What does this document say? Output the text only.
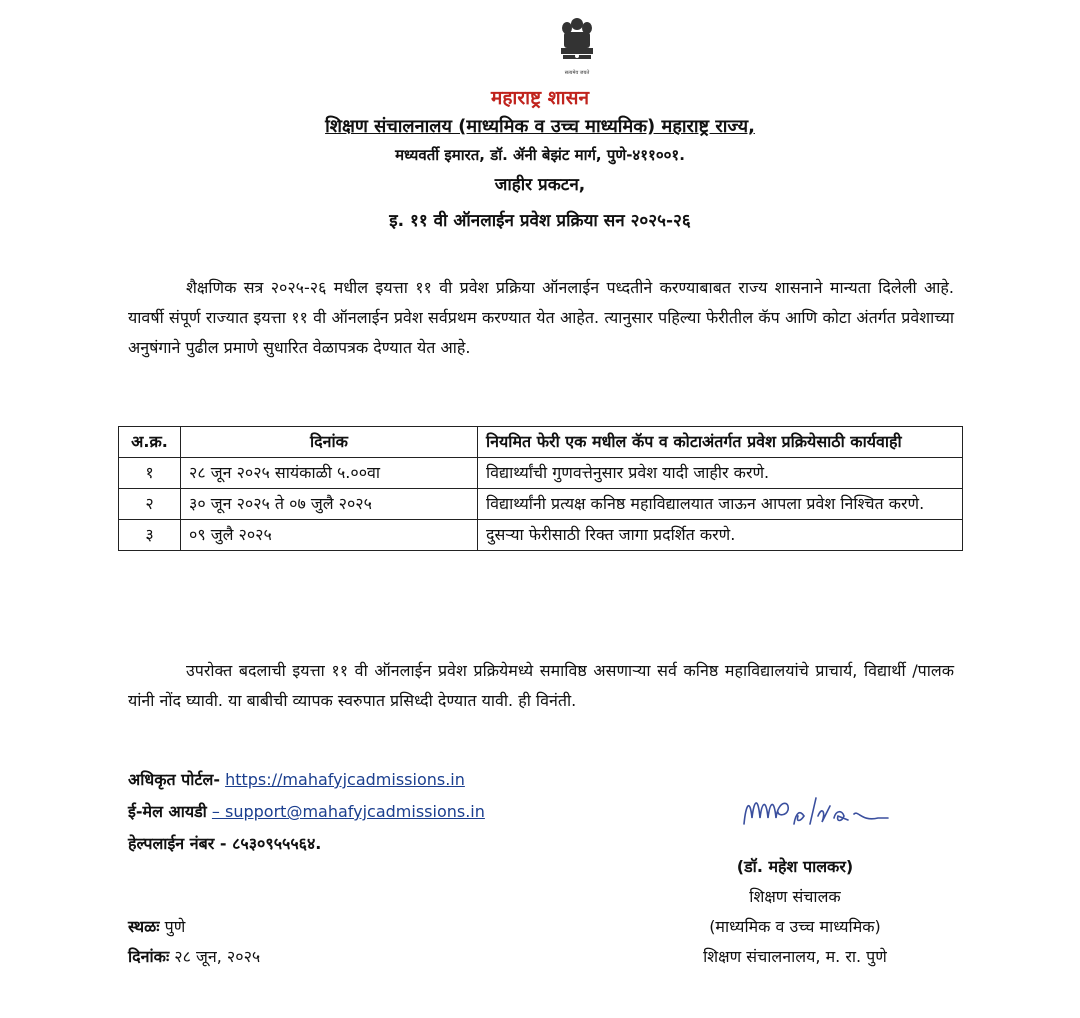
सत्यमेव जयते
महाराष्ट्र शासन
शिक्षण संचालनालय (माध्यमिक व उच्च माध्यमिक) महाराष्ट्र राज्य,
मध्यवर्ती इमारत, डॉ. ॲनी बेझंट मार्ग, पुणे-४११००१.
जाहीर प्रकटन,
इ. ११ वी ऑनलाईन प्रवेश प्रक्रिया सन २०२५-२६

शैक्षणिक सत्र २०२५-२६ मधील इयत्ता ११ वी प्रवेश प्रक्रिया ऑनलाईन पध्दतीने करण्याबाबत राज्य शासनाने मान्यता दिलेली आहे. यावर्षी संपूर्ण राज्यात इयत्ता ११ वी ऑनलाईन प्रवेश सर्वप्रथम करण्यात येत आहेत. त्यानुसार पहिल्या फेरीतील कॅप आणि कोटा अंतर्गत प्रवेशाच्या अनुषंगाने पुढील प्रमाणे सुधारित वेळापत्रक देण्यात येत आहे.

अ.क्र.	दिनांक	नियमित फेरी एक मधील कॅप व कोटाअंतर्गत प्रवेश प्रक्रियेसाठी कार्यवाही
१	२८ जून २०२५ सायंकाळी ५.००वा	विद्यार्थ्यांची गुणवत्तेनुसार प्रवेश यादी जाहीर करणे.
२	३० जून २०२५ ते ०७ जुलै २०२५	विद्यार्थ्यांनी प्रत्यक्ष कनिष्ठ महाविद्यालयात जाऊन आपला प्रवेश निश्चित करणे.
३	०९ जुलै २०२५	दुसऱ्या फेरीसाठी रिक्त जागा प्रदर्शित करणे.

उपरोक्त बदलाची इयत्ता ११ वी ऑनलाईन प्रवेश प्रक्रियेमध्ये समाविष्ठ असणाऱ्या सर्व कनिष्ठ महाविद्यालयांचे प्राचार्य, विद्यार्थी /पालक यांनी नोंद घ्यावी. या बाबीची व्यापक स्वरुपात प्रसिध्दी देण्यात यावी. ही विनंती.

अधिकृत पोर्टल- https://mahafyjcadmissions.in
ई-मेल आयडी – support@mahafyjcadmissions.in
हेल्पलाईन नंबर - ८५३०९५५५६४.
(डॉ. महेश पालकर)
शिक्षण संचालक
(माध्यमिक व उच्च माध्यमिक)
शिक्षण संचालनालय, म. रा. पुणे
स्थळः पुणे
दिनांकः २८ जून, २०२५
